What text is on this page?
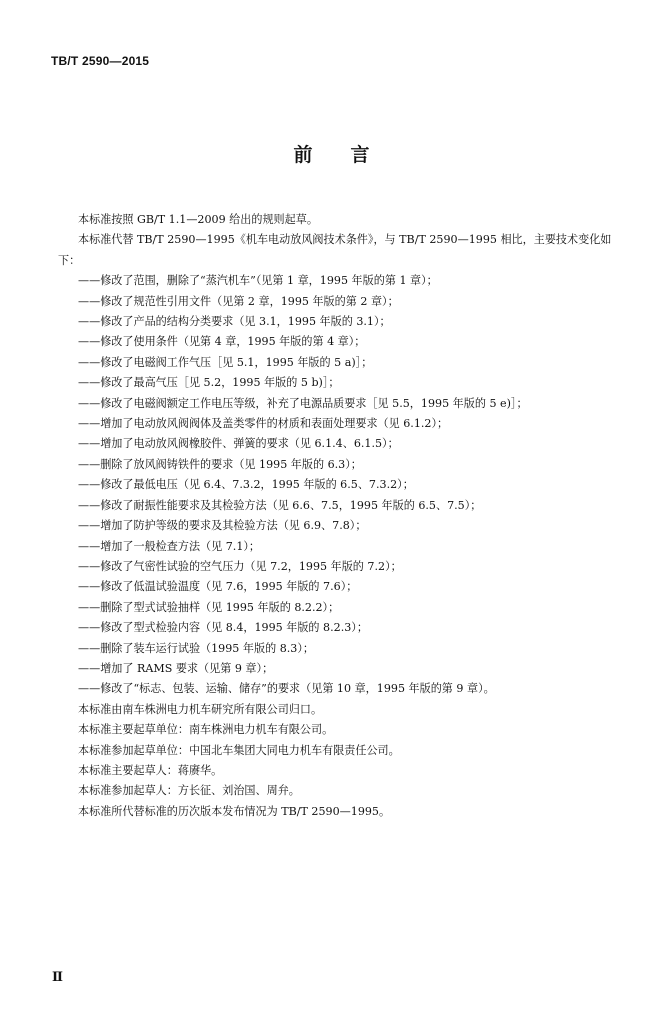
TB/T 2590—2015
前　　言

本标准按照 GB/T 1.1—2009 给出的规则起草。

本标准代替 TB/T 2590—1995《机车电动放风阀技术条件》，与 TB/T 2590—1995 相比，主要技术变化如下：

——修改了范围，删除了“蒸汽机车”（见第 1 章，1995 年版的第 1 章）；

——修改了规范性引用文件（见第 2 章，1995 年版的第 2 章）；

——修改了产品的结构分类要求（见 3.1，1995 年版的 3.1）；

——修改了使用条件（见第 4 章，1995 年版的第 4 章）；

——修改了电磁阀工作气压［见 5.1，1995 年版的 5 a)］；

——修改了最高气压［见 5.2，1995 年版的 5 b)］；

——修改了电磁阀额定工作电压等级，补充了电源品质要求［见 5.5，1995 年版的 5 e)］；

——增加了电动放风阀阀体及盖类零件的材质和表面处理要求（见 6.1.2）；

——增加了电动放风阀橡胶件、弹簧的要求（见 6.1.4、6.1.5）；

——删除了放风阀铸铁件的要求（见 1995 年版的 6.3）；

——修改了最低电压（见 6.4、7.3.2，1995 年版的 6.5、7.3.2）；

——修改了耐振性能要求及其检验方法（见 6.6、7.5，1995 年版的 6.5、7.5）；

——增加了防护等级的要求及其检验方法（见 6.9、7.8）；

——增加了一般检查方法（见 7.1）；

——修改了气密性试验的空气压力（见 7.2，1995 年版的 7.2）；

——修改了低温试验温度（见 7.6，1995 年版的 7.6）；

——删除了型式试验抽样（见 1995 年版的 8.2.2）；

——修改了型式检验内容（见 8.4，1995 年版的 8.2.3）；

——删除了装车运行试验（1995 年版的 8.3）；

——增加了 RAMS 要求（见第 9 章）；

——修改了“标志、包装、运输、储存”的要求（见第 10 章，1995 年版的第 9 章）。

本标准由南车株洲电力机车研究所有限公司归口。

本标准主要起草单位：南车株洲电力机车有限公司。

本标准参加起草单位：中国北车集团大同电力机车有限责任公司。

本标准主要起草人：蒋赓华。

本标准参加起草人：方长征、刘治国、周弁。

本标准所代替标准的历次版本发布情况为 TB/T 2590—1995。

Ⅱ
